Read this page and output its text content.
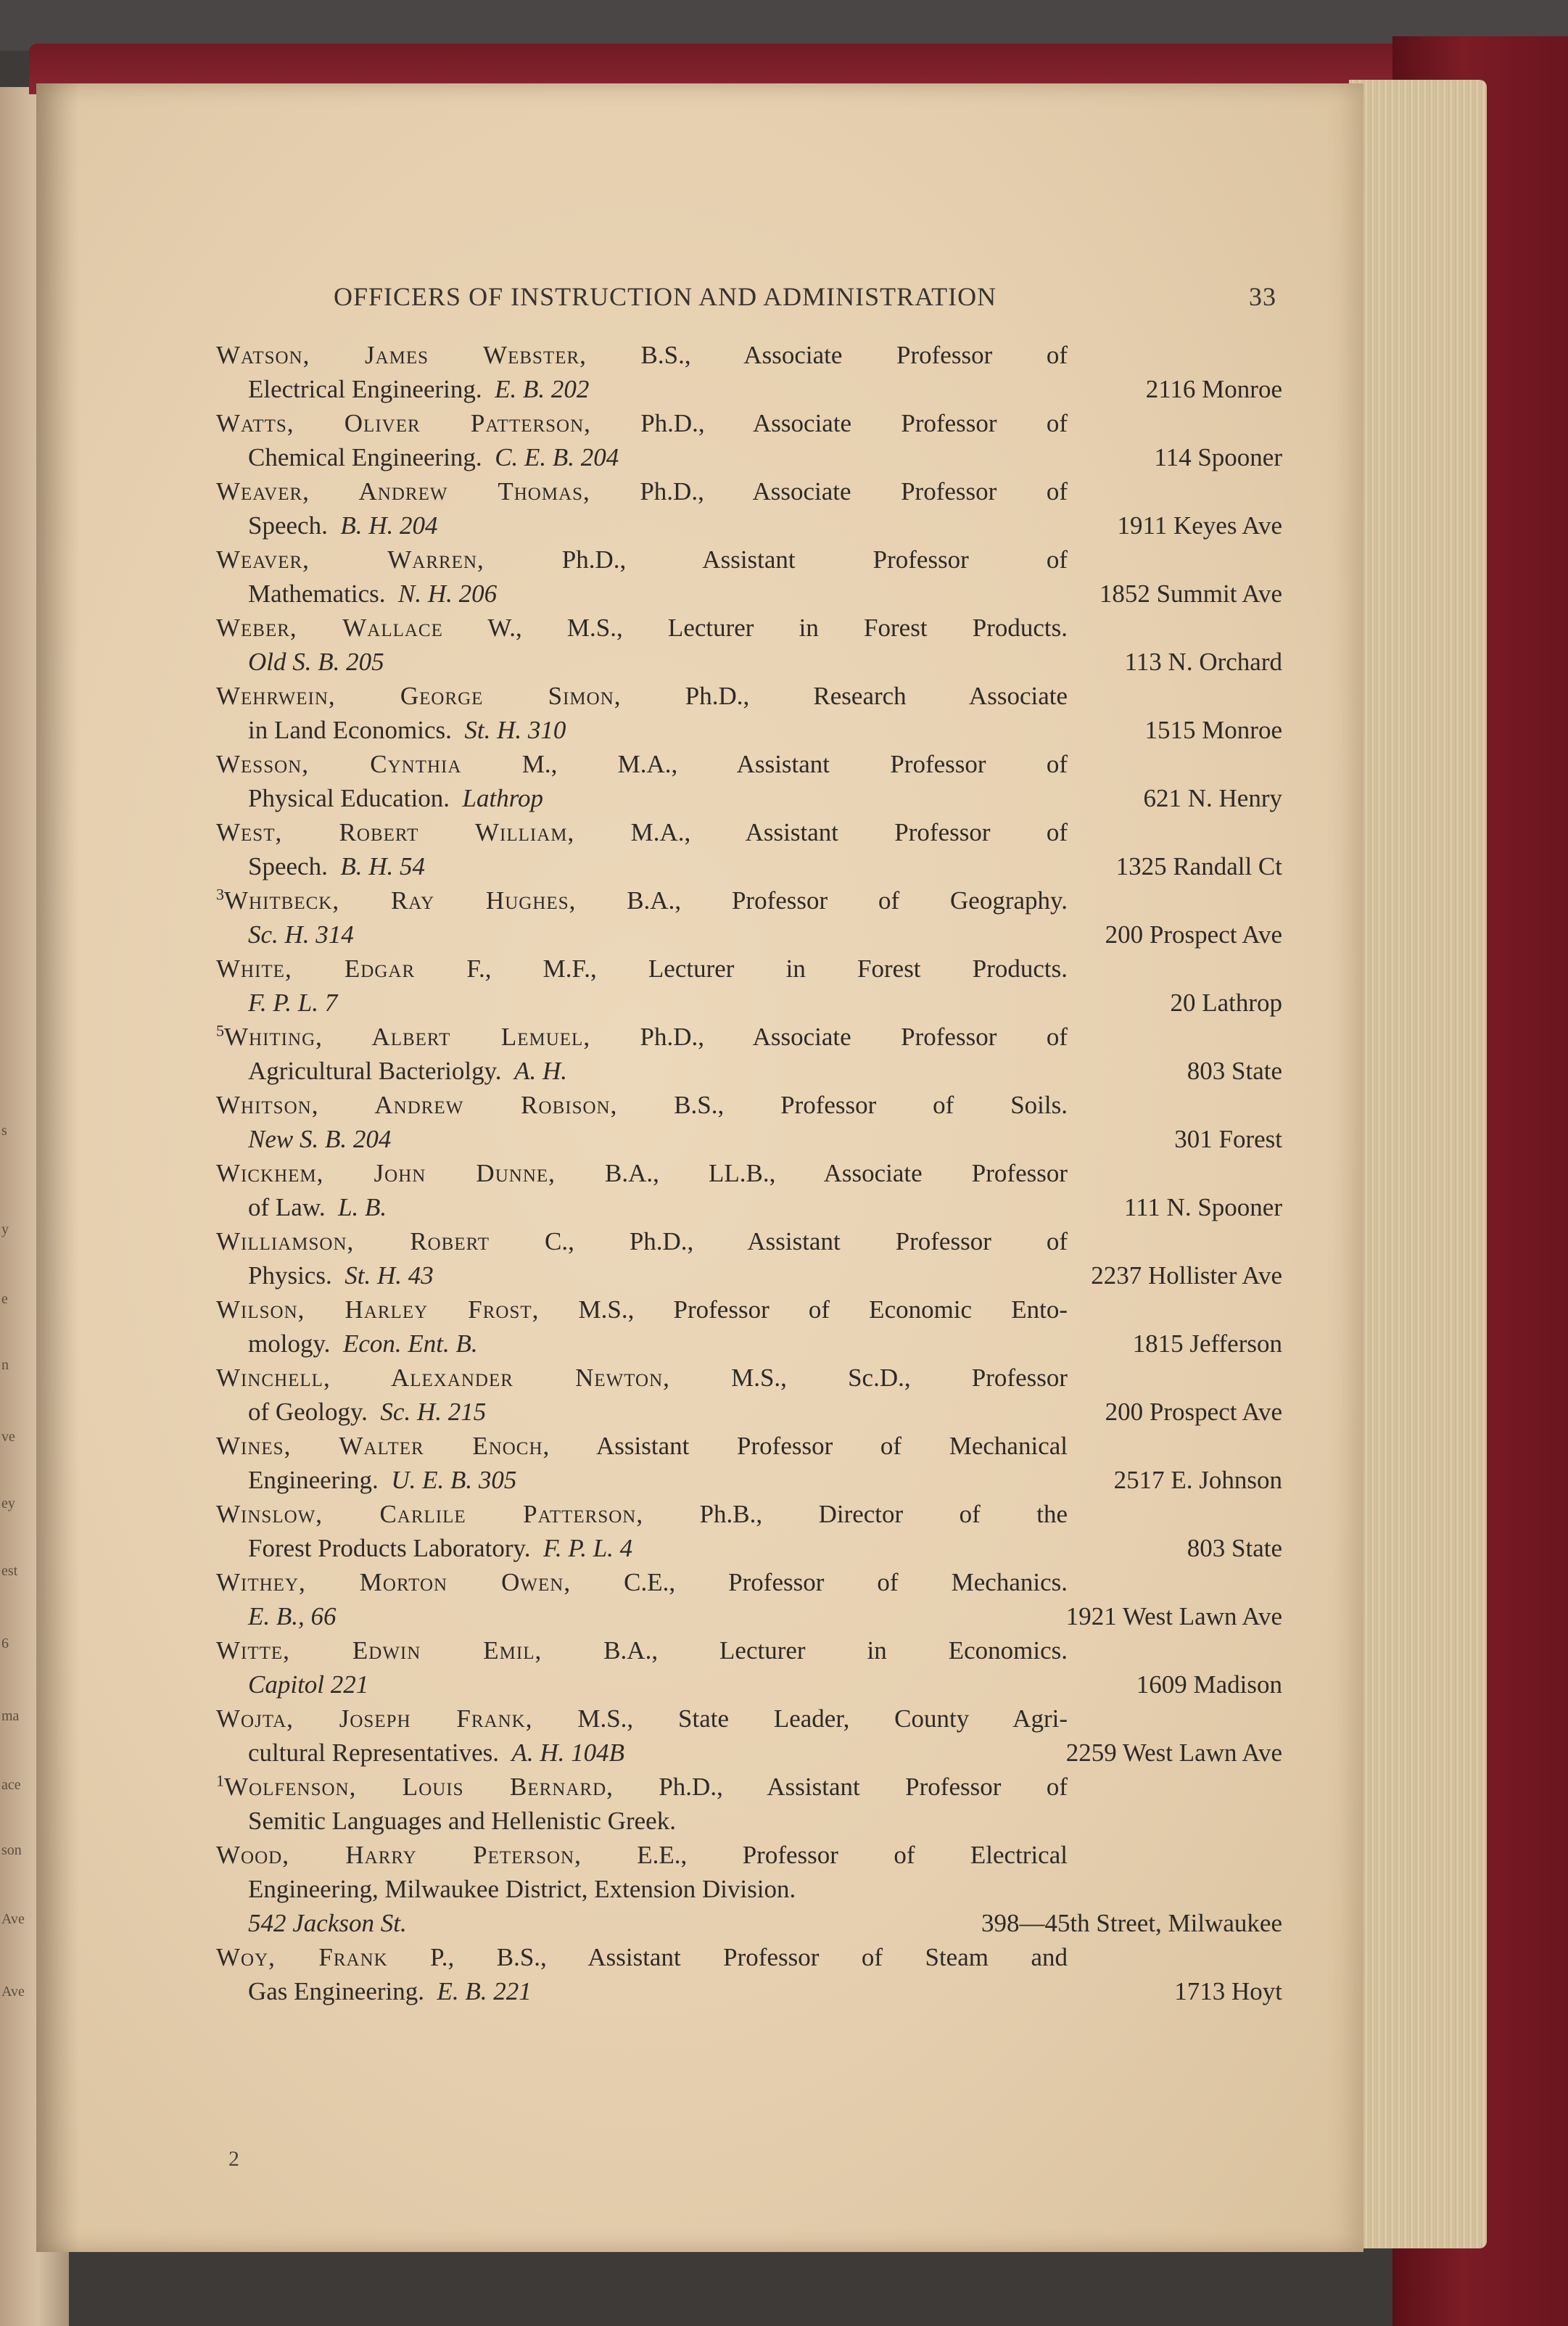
s
y
e
n
ve
ey
est
6
ma
ace
son
Ave
Ave
OFFICERS OF INSTRUCTION AND ADMINISTRATION	33
Watson, James Webster, B.S., Associate Professor of
Electrical Engineering. E. B. 202	2116 Monroe
Watts, Oliver Patterson, Ph.D., Associate Professor of
Chemical Engineering. C. E. B. 204	114 Spooner
Weaver, Andrew Thomas, Ph.D., Associate Professor of
Speech. B. H. 204	1911 Keyes Ave
Weaver, Warren, Ph.D., Assistant Professor of
Mathematics. N. H. 206	1852 Summit Ave
Weber, Wallace W., M.S., Lecturer in Forest Products.
Old S. B. 205	113 N. Orchard
Wehrwein, George Simon, Ph.D., Research Associate
in Land Economics. St. H. 310	1515 Monroe
Wesson, Cynthia M., M.A., Assistant Professor of
Physical Education. Lathrop	621 N. Henry
West, Robert William, M.A., Assistant Professor of
Speech. B. H. 54	1325 Randall Ct
$^3$Whitbeck, Ray Hughes, B.A., Professor of Geography.
Sc. H. 314	200 Prospect Ave
White, Edgar F., M.F., Lecturer in Forest Products.
F. P. L. 7	20 Lathrop
$^5$Whiting, Albert Lemuel, Ph.D., Associate Professor of
Agricultural Bacteriolgy. A. H.	803 State
Whitson, Andrew Robison, B.S., Professor of Soils.
New S. B. 204	301 Forest
Wickhem, John Dunne, B.A., LL.B., Associate Professor
of Law. L. B.	111 N. Spooner
Williamson, Robert C., Ph.D., Assistant Professor of
Physics. St. H. 43	2237 Hollister Ave
Wilson, Harley Frost, M.S., Professor of Economic Ento-
mology. Econ. Ent. B.	1815 Jefferson
Winchell, Alexander Newton, M.S., Sc.D., Professor
of Geology. Sc. H. 215	200 Prospect Ave
Wines, Walter Enoch, Assistant Professor of Mechanical
Engineering. U. E. B. 305	2517 E. Johnson
Winslow, Carlile Patterson, Ph.B., Director of the
Forest Products Laboratory. F. P. L. 4	803 State
Withey, Morton Owen, C.E., Professor of Mechanics.
E. B., 66	1921 West Lawn Ave
Witte, Edwin Emil, B.A., Lecturer in Economics.
Capitol 221	1609 Madison
Wojta, Joseph Frank, M.S., State Leader, County Agri-
cultural Representatives. A. H. 104B	2259 West Lawn Ave
$^1$Wolfenson, Louis Bernard, Ph.D., Assistant Professor of
Semitic Languages and Hellenistic Greek.
Wood, Harry Peterson, E.E., Professor of Electrical
Engineering, Milwaukee District, Extension Division.
542 Jackson St.	398—45th Street, Milwaukee
Woy, Frank P., B.S., Assistant Professor of Steam and
Gas Engineering. E. B. 221	1713 Hoyt
2
